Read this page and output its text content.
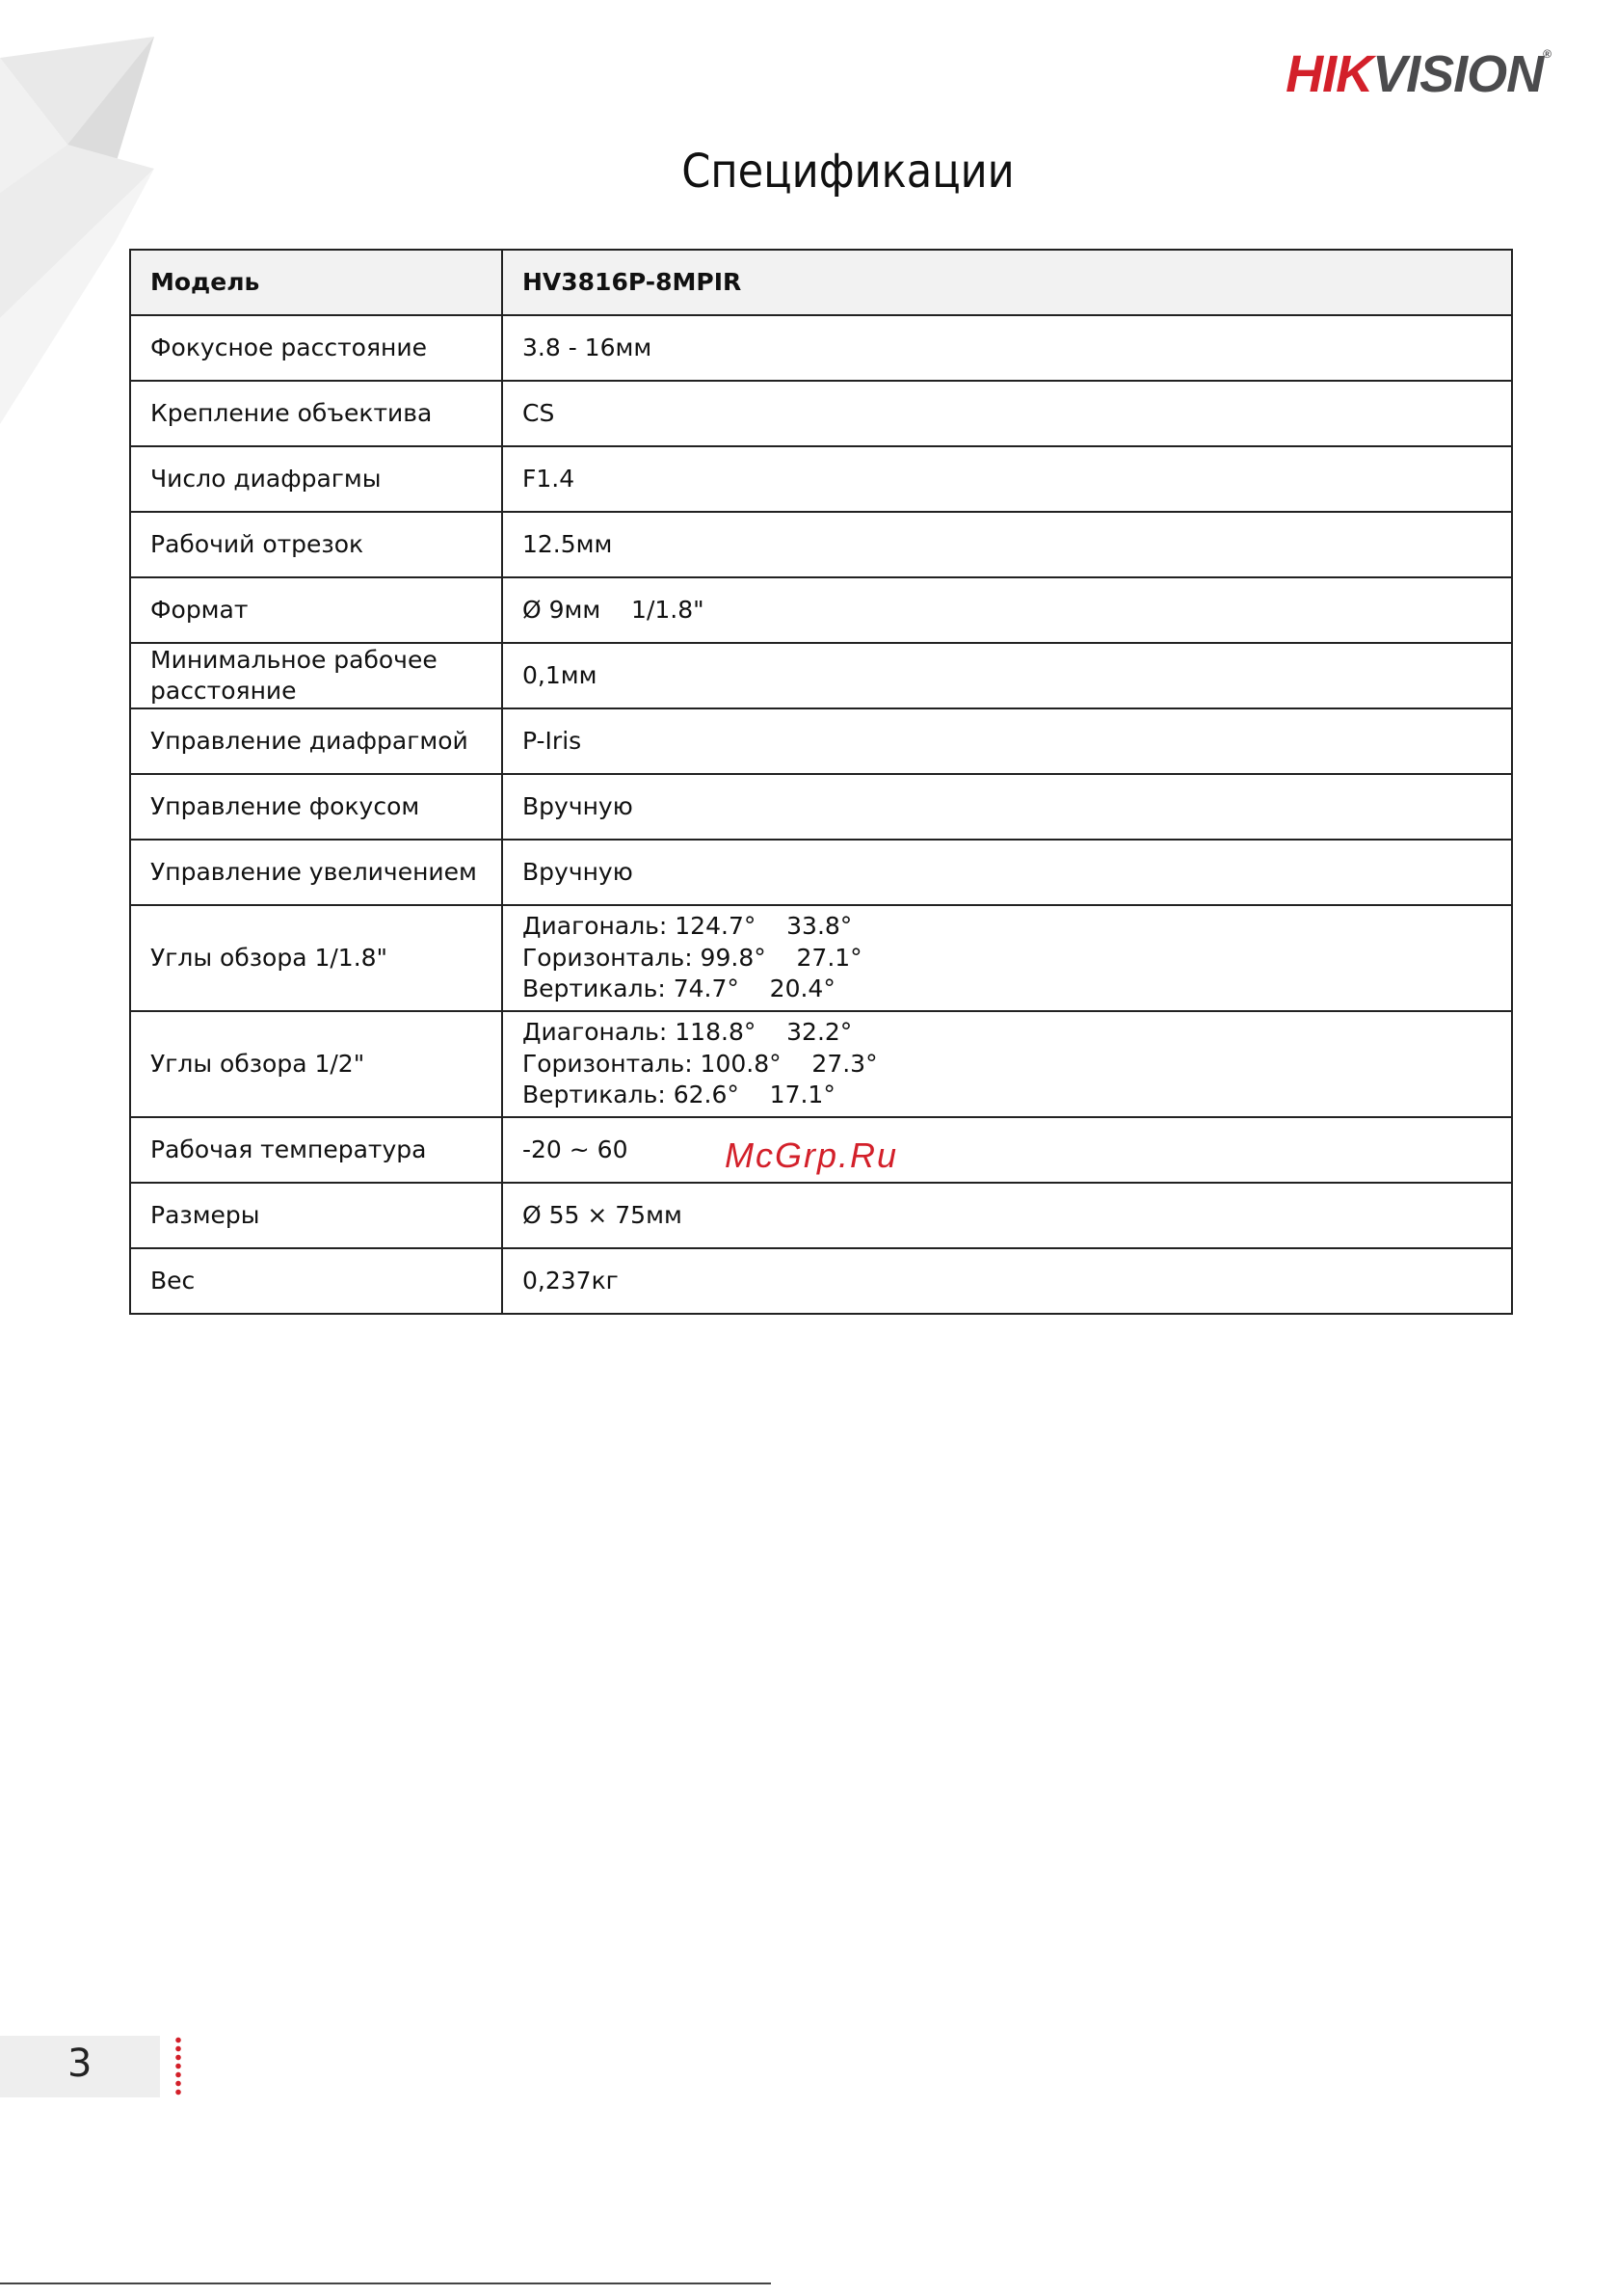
HIKVISION®
Спецификации
Модель	HV3816P-8MPIR

Фокусное расстояние	3.8 - 16мм

Крепление объектива	CS

Число диафрагмы	F1.4

Рабочий отрезок	12.5мм

Формат	Ø 9мм    1/1.8"

Минимальное рабочее расстояние	0,1мм

Управление диафрагмой	P-Iris

Управление фокусом	Вручную

Управление увеличением	Вручную

Углы обзора 1/1.8"	Диагональ: 124.7°    33.8°
Горизонталь: 99.8°    27.1°
Вертикаль: 74.7°    20.4°

Углы обзора 1/2"	Диагональ: 118.8°    32.2°
Горизонталь: 100.8°    27.3°
Вертикаль: 62.6°    17.1°

Рабочая температура	-20 ~ 60

Размеры	Ø 55 × 75мм

Вес	0,237кг
McGrp.Ru
3
